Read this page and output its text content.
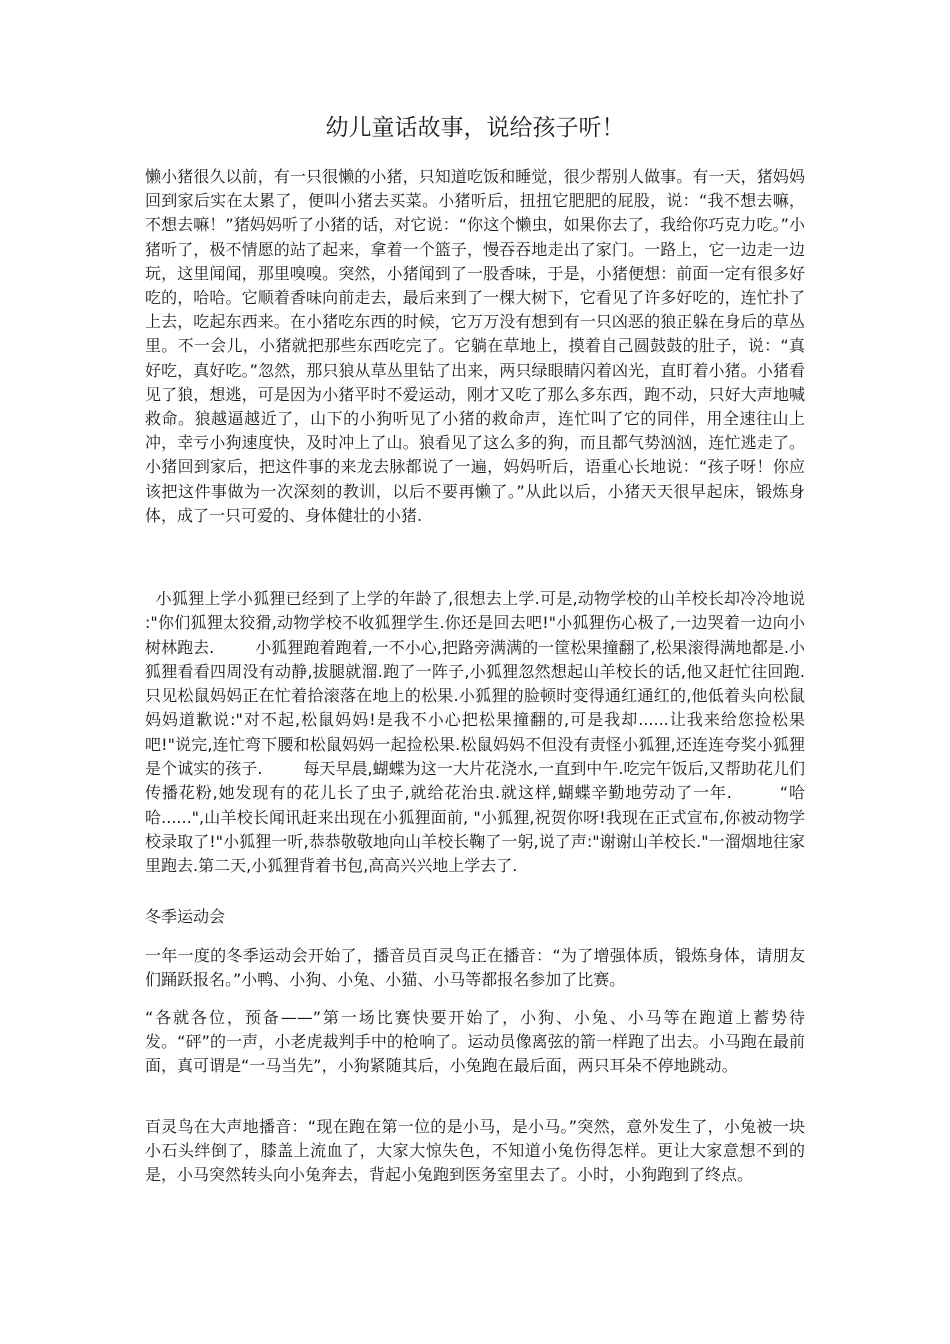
幼儿童话故事，说给孩子听！

懒小猪很久以前，有一只很懒的小猪，只知道吃饭和睡觉，很少帮别人做事。有一天，猪妈妈回到家后实在太累了，便叫小猪去买菜。小猪听后，扭扭它肥肥的屁股，说：“我不想去嘛，不想去嘛！”猪妈妈听了小猪的话，对它说：“你这个懒虫，如果你去了，我给你巧克力吃。”小猪听了，极不情愿的站了起来，拿着一个篮子，慢吞吞地走出了家门。一路上，它一边走一边玩，这里闻闻，那里嗅嗅。突然，小猪闻到了一股香味，于是，小猪便想：前面一定有很多好吃的，哈哈。它顺着香味向前走去，最后来到了一棵大树下，它看见了许多好吃的，连忙扑了上去，吃起东西来。在小猪吃东西的时候，它万万没有想到有一只凶恶的狼正躲在身后的草丛里。不一会儿，小猪就把那些东西吃完了。它躺在草地上，摸着自己圆鼓鼓的肚子，说：“真好吃，真好吃。”忽然，那只狼从草丛里钻了出来，两只绿眼睛闪着凶光，直盯着小猪。小猪看见了狼，想逃，可是因为小猪平时不爱运动，刚才又吃了那么多东西，跑不动，只好大声地喊救命。狼越逼越近了，山下的小狗听见了小猪的救命声，连忙叫了它的同伴，用全速往山上冲，幸亏小狗速度快，及时冲上了山。狼看见了这么多的狗，而且都气势汹汹，连忙逃走了。小猪回到家后，把这件事的来龙去脉都说了一遍，妈妈听后，语重心长地说：“孩子呀！你应该把这件事做为一次深刻的教训，以后不要再懒了。”从此以后，小猪天天很早起床，锻炼身体，成了一只可爱的、身体健壮的小猪.

小狐狸上学小狐狸已经到了上学的年龄了,很想去上学.可是,动物学校的山羊校长却冷冷地说 :"你们狐狸太狡猾,动物学校不收狐狸学生.你还是回去吧!"小狐狸伤心极了,一边哭着一边向小树林跑去.        小狐狸跑着跑着,一不小心,把路旁满满的一筐松果撞翻了,松果滚得满地都是.小狐狸看看四周没有动静,拔腿就溜.跑了一阵子,小狐狸忽然想起山羊校长的话,他又赶忙往回跑.只见松鼠妈妈正在忙着拾滚落在地上的松果.小狐狸的脸顿时变得通红通红的,他低着头向松鼠妈妈道歉说:"对不起,松鼠妈妈!是我不小心把松果撞翻的,可是我却......让我来给您捡松果吧!"说完,连忙弯下腰和松鼠妈妈一起捡松果.松鼠妈妈不但没有责怪小狐狸,还连连夸奖小狐狸是个诚实的孩子.        每天早晨,蝴蝶为这一大片花浇水,一直到中午.吃完午饭后,又帮助花儿们传播花粉,她发现有的花儿长了虫子,就给花治虫.就这样,蝴蝶辛勤地劳动了一年.        “哈哈......",山羊校长闻讯赶来出现在小狐狸面前, "小狐狸,祝贺你呀!我现在正式宣布,你被动物学校录取了!"小狐狸一听,恭恭敬敬地向山羊校长鞠了一躬,说了声:"谢谢山羊校长."一溜烟地往家里跑去.第二天,小狐狸背着书包,高高兴兴地上学去了.

冬季运动会

一年一度的冬季运动会开始了，播音员百灵鸟正在播音：“为了增强体质，锻炼身体，请朋友们踊跃报名。”小鸭、小狗、小兔、小猫、小马等都报名参加了比赛。

“各就各位，预备——”第一场比赛快要开始了，小狗、小兔、小马等在跑道上蓄势待发。“砰”的一声，小老虎裁判手中的枪响了。运动员像离弦的箭一样跑了出去。小马跑在最前面，真可谓是“一马当先”，小狗紧随其后，小兔跑在最后面，两只耳朵不停地跳动。

百灵鸟在大声地播音：“现在跑在第一位的是小马，是小马。”突然，意外发生了，小兔被一块小石头绊倒了，膝盖上流血了，大家大惊失色，不知道小兔伤得怎样。更让大家意想不到的是，小马突然转头向小兔奔去，背起小兔跑到医务室里去了。小时，小狗跑到了终点。
